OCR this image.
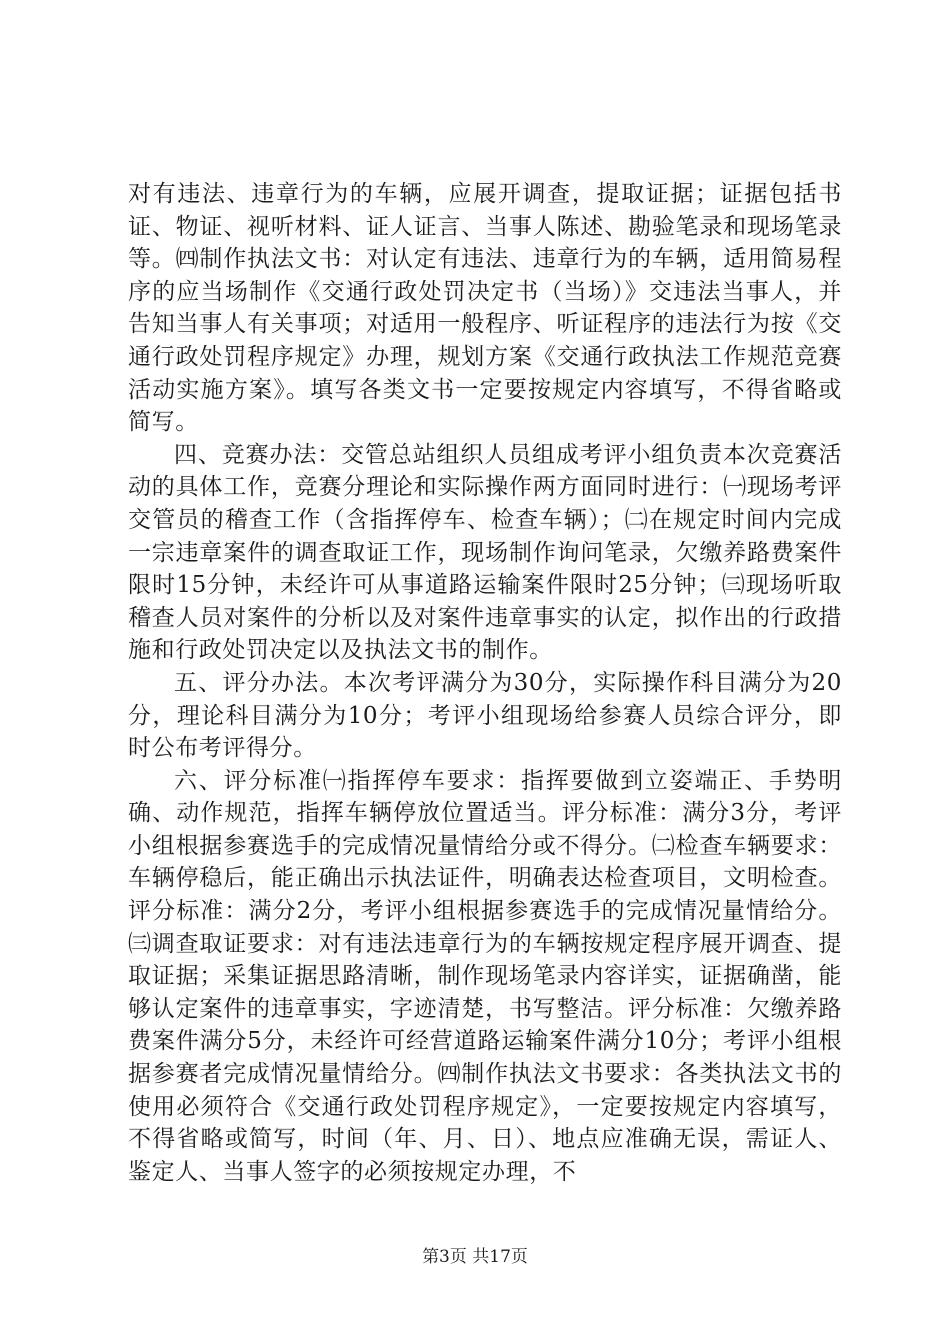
对有违法、违章行为的车辆，应展开调查，提取证据；证据包括书证、物证、视听材料、证人证言、当事人陈述、勘验笔录和现场笔录等。㈣制作执法文书：对认定有违法、违章行为的车辆，适用简易程序的应当场制作《交通行政处罚决定书（当场）》交违法当事人，并告知当事人有关事项；对适用一般程序、听证程序的违法行为按《交通行政处罚程序规定》办理，规划方案《交通行政执法工作规范竞赛活动实施方案》。填写各类文书一定要按规定内容填写，不得省略或简写。

四、竞赛办法：交管总站组织人员组成考评小组负责本次竞赛活动的具体工作，竞赛分理论和实际操作两方面同时进行：㈠现场考评交管员的稽查工作（含指挥停车、检查车辆）；㈡在规定时间内完成一宗违章案件的调查取证工作，现场制作询问笔录，欠缴养路费案件限时15分钟，未经许可从事道路运输案件限时25分钟；㈢现场听取稽查人员对案件的分析以及对案件违章事实的认定，拟作出的行政措施和行政处罚决定以及执法文书的制作。

五、评分办法。本次考评满分为30分，实际操作科目满分为20分，理论科目满分为10分；考评小组现场给参赛人员综合评分，即时公布考评得分。

六、评分标准㈠指挥停车要求：指挥要做到立姿端正、手势明确、动作规范，指挥车辆停放位置适当。评分标准：满分3分，考评小组根据参赛选手的完成情况量情给分或不得分。㈡检查车辆要求：车辆停稳后，能正确出示执法证件，明确表达检查项目，文明检查。评分标准：满分2分，考评小组根据参赛选手的完成情况量情给分。㈢调查取证要求：对有违法违章行为的车辆按规定程序展开调查、提取证据；采集证据思路清晰，制作现场笔录内容详实，证据确凿，能够认定案件的违章事实，字迹清楚，书写整洁。评分标准：欠缴养路费案件满分5分，未经许可经营道路运输案件满分10分；考评小组根据参赛者完成情况量情给分。㈣制作执法文书要求：各类执法文书的使用必须符合《交通行政处罚程序规定》，一定要按规定内容填写，不得省略或简写，时间（年、月、日）、地点应准确无误，需证人、鉴定人、当事人签字的必须按规定办理，不

第3页 共17页
